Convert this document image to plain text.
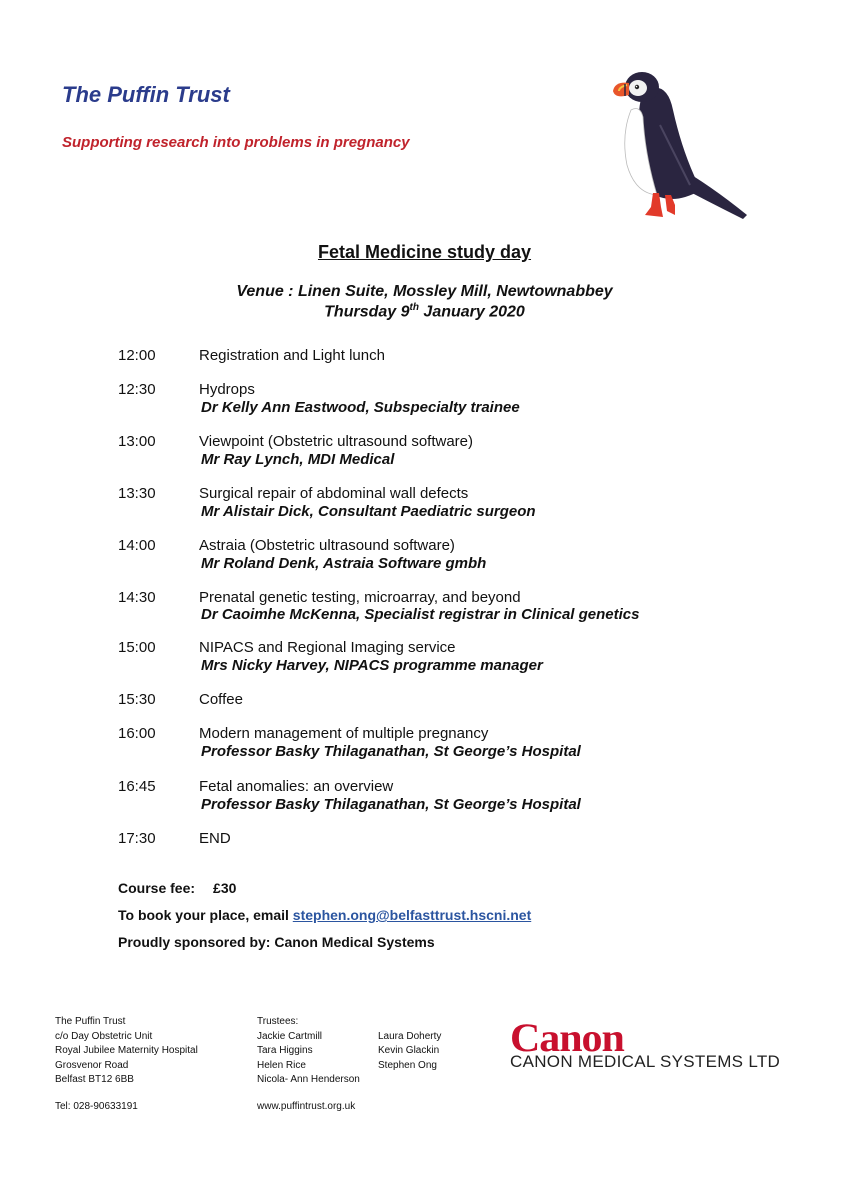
The Puffin Trust
Supporting research into problems in pregnancy
Fetal Medicine study day
Venue : Linen Suite, Mossley Mill, Newtownabbey
Thursday 9th January 2020
12:00	Registration and Light lunch
12:30	Hydrops
Dr Kelly Ann Eastwood, Subspecialty trainee
13:00	Viewpoint (Obstetric ultrasound software)
Mr Ray Lynch, MDI Medical
13:30	Surgical repair of abdominal wall defects
Mr Alistair Dick, Consultant Paediatric surgeon
14:00	Astraia (Obstetric ultrasound software)
Mr Roland Denk, Astraia Software gmbh
14:30	Prenatal genetic testing, microarray, and beyond
Dr Caoimhe McKenna, Specialist registrar in Clinical genetics
15:00	NIPACS and Regional Imaging service
Mrs Nicky Harvey, NIPACS programme manager
15:30	Coffee
16:00	Modern management of multiple pregnancy
Professor Basky Thilaganathan, St George’s Hospital
16:45	Fetal anomalies: an overview
Professor Basky Thilaganathan, St George’s Hospital
17:30	END
Course fee: £30
To book your place, email stephen.ong@belfasttrust.hscni.net
Proudly sponsored by: Canon Medical Systems
The Puffin Trust
c/o Day Obstetric Unit
Royal Jubilee Maternity Hospital
Grosvenor Road
Belfast BT12 6BB
Tel: 028-90633191
Trustees:
Jackie Cartmill
Tara Higgins
Helen Rice
Nicola- Ann Henderson
Laura Doherty
Kevin Glackin
Stephen Ong
www.puffintrust.org.uk
Canon
CANON MEDICAL SYSTEMS LTD
